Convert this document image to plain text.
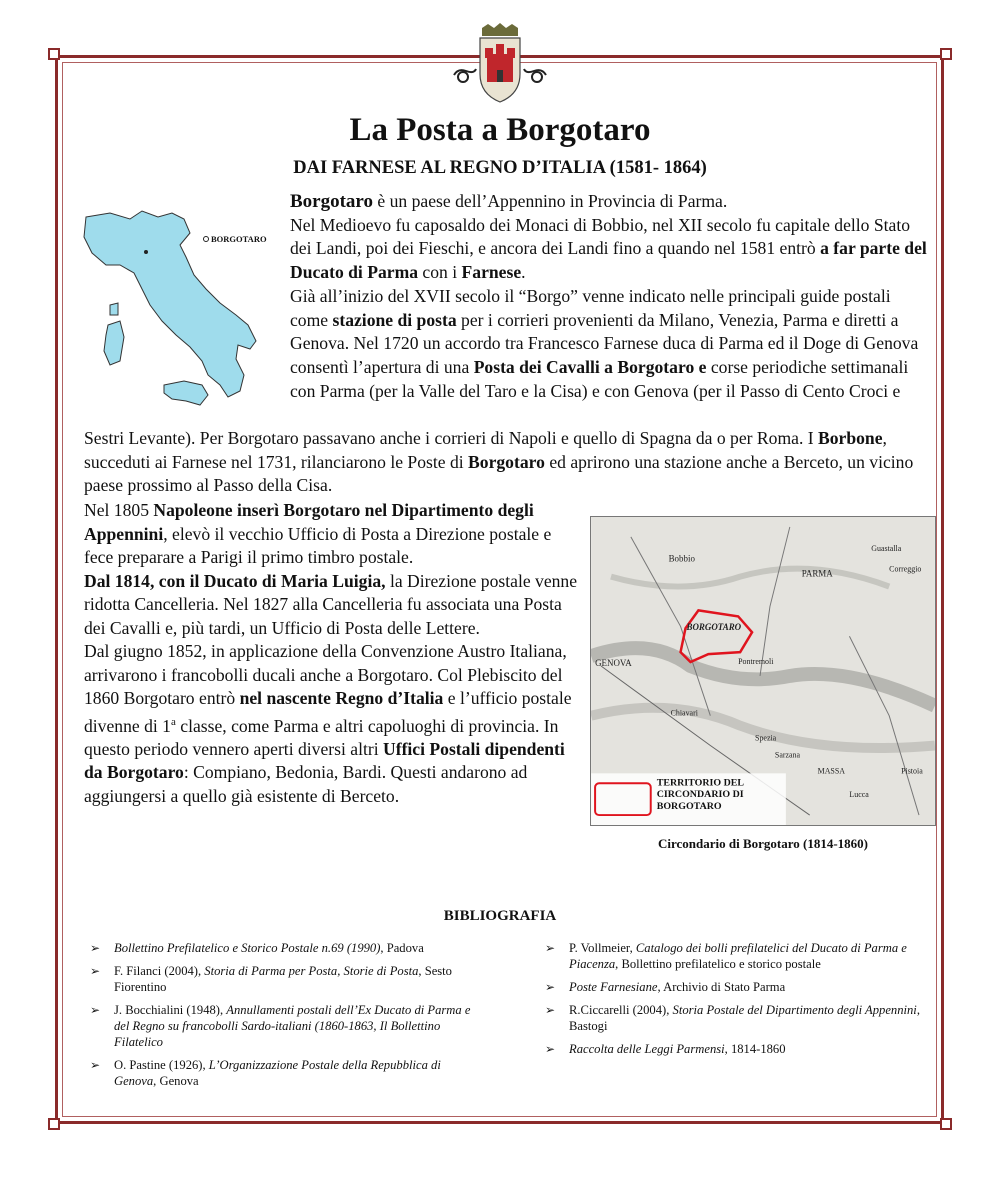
La Posta a Borgotaro
DAI FARNESE AL REGNO D’ITALIA (1581- 1864)
BORGOTARO
Borgotaro è un paese dell’Appennino in Provincia di Parma.
Nel Medioevo fu caposaldo dei Monaci di Bobbio, nel XII secolo fu capitale dello Stato dei Landi, poi dei Fieschi, e ancora dei Landi fino a quando nel 1581 entrò a far parte del Ducato di Parma con i Farnese.
Già all’inizio del XVII secolo il “Borgo” venne indicato nelle principali guide postali come stazione di posta per i corrieri provenienti da Milano, Venezia, Parma e diretti a Genova. Nel 1720 un accordo tra Francesco Farnese duca di Parma ed il Doge di Genova consentì l’apertura di una Posta dei Cavalli a Borgotaro e corse periodiche settimanali con Parma (per la Valle del Taro e la Cisa) e con Genova (per il Passo di Cento Croci e
Sestri Levante). Per Borgotaro passavano anche i corrieri di Napoli e quello di Spagna da o per Roma. I Borbone, succeduti ai Farnese nel 1731, rilanciarono le Poste di Borgotaro ed aprirono una stazione anche a Berceto, un vicino paese prossimo al Passo della Cisa.
Nel 1805 Napoleone inserì Borgotaro nel Dipartimento degli Appennini, elevò il vecchio Ufficio di Posta a Direzione postale e fece preparare a Parigi il primo timbro postale.
Dal 1814, con il Ducato di Maria Luigia, la Direzione postale venne ridotta Cancelleria. Nel 1827 alla Cancelleria fu associata una Posta dei Cavalli e, più tardi, un Ufficio di Posta delle Lettere.
Dal giugno 1852, in applicazione della Convenzione Austro Italiana, arrivarono i francobolli ducali anche a Borgotaro. Col Plebiscito del 1860 Borgotaro entrò nel nascente Regno d’Italia e l’ufficio postale divenne di 1$^a$ classe, come Parma e altri capoluoghi di provincia. In questo periodo vennero aperti diversi altri Uffici Postali dipendenti da Borgotaro: Compiano, Bedonia, Bardi. Questi andarono ad aggiungersi a quello già esistente di Berceto.
Bobbio
PARMA
Guastalla
Correggio
BORGOTARO
Pontremoli
GENOVA
Chiavari
Spezia
Sarzana
MASSA
Lucca
Pistoia
TERRITORIO DEL CIRCONDARIO DI BORGOTARO
Circondario di Borgotaro (1814-1860)
BIBLIOGRAFIA
➢ Bollettino Prefilatelico e Storico Postale n.69 (1990), Padova
➢ F. Filanci (2004), Storia di Parma per Posta, Storie di Posta, Sesto Fiorentino
➢ J. Bocchialini (1948), Annullamenti postali dell’Ex Ducato di Parma e del Regno su francobolli Sardo-italiani (1860-1863, Il Bollettino Filatelico
➢ O. Pastine (1926), L’Organizzazione Postale della Repubblica di Genova, Genova
➢ P. Vollmeier, Catalogo dei bolli prefilatelici del Ducato di Parma e Piacenza, Bollettino prefilatelico e storico postale
➢ Poste Farnesiane, Archivio di Stato Parma
➢ R.Ciccarelli (2004), Storia Postale del Dipartimento degli Appennini, Bastogi
➢ Raccolta delle Leggi Parmensi, 1814-1860
